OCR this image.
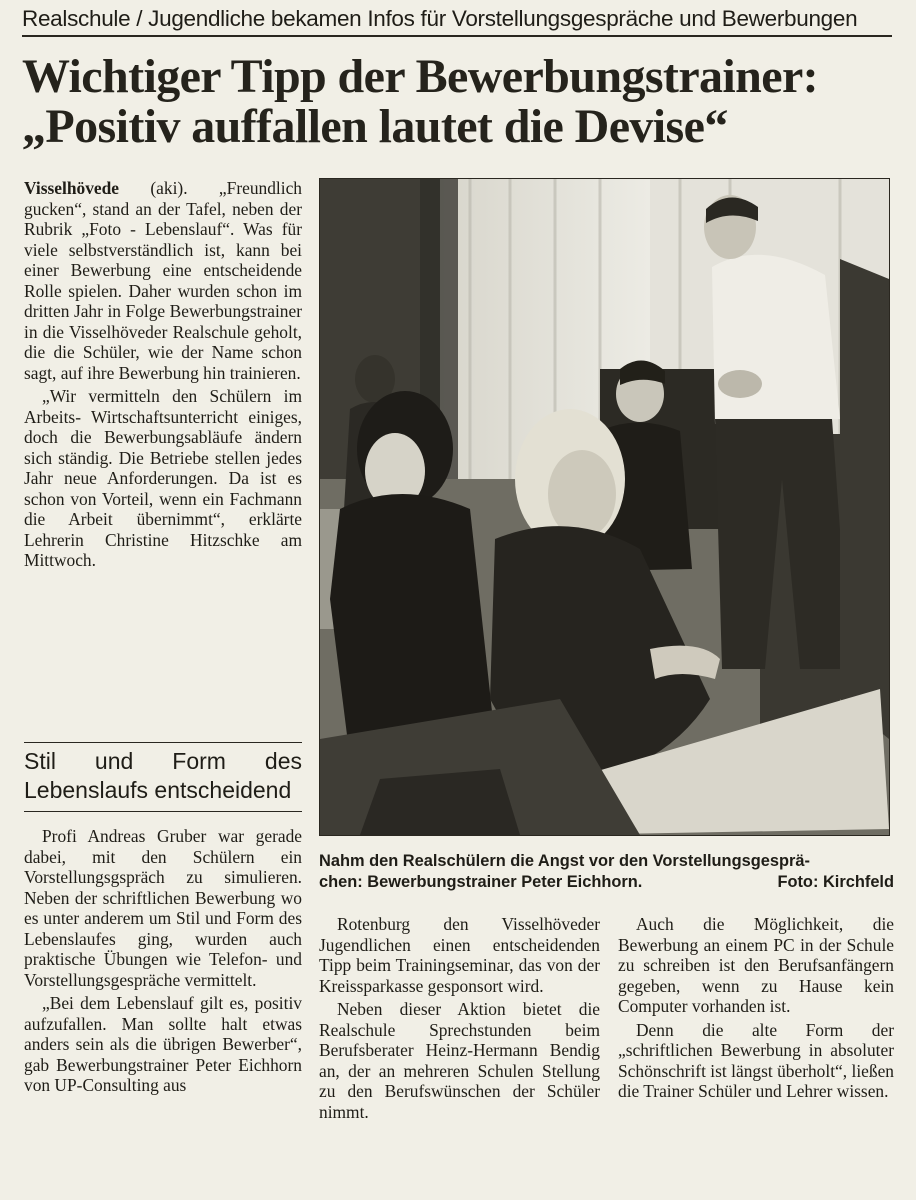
Realschule / Jugendliche bekamen Infos für Vorstellungsgespräche und Bewerbungen
Wichtiger Tipp der Bewerbungstrainer:
„Positiv auffallen lautet die Devise“

Visselhövede (aki). „Freundlich gucken“, stand an der Tafel, neben der Rubrik „Foto - Lebenslauf“. Was für viele selbstverständlich ist, kann bei einer Bewerbung eine entscheidende Rolle spielen. Daher wurden schon im dritten Jahr in Folge Bewerbungstrainer in die Visselhöveder Realschule geholt, die die Schüler, wie der Name schon sagt, auf ihre Bewerbung hin trainieren.

„Wir vermitteln den Schülern im Arbeits- Wirtschaftsunterricht einiges, doch die Bewerbungsabläufe ändern sich ständig. Die Betriebe stellen jedes Jahr neue Anforderungen. Da ist es schon von Vorteil, wenn ein Fachmann die Arbeit übernimmt“, erklärte Lehrerin Christine Hitzschke am Mittwoch.

Stil und Form des
Lebenslaufs entscheidend

Profi Andreas Gruber war gerade dabei, mit den Schülern ein Vorstellungsgspräch zu simulieren. Neben der schriftlichen Bewerbung wo es unter anderem um Stil und Form des Lebenslaufes ging, wurden auch praktische Übungen wie Telefon- und Vorstellungsgespräche vermittelt.

„Bei dem Lebenslauf gilt es, positiv aufzufallen. Man sollte halt etwas anders sein als die übrigen Bewerber“, gab Bewerbungstrainer Peter Eichhorn von UP-Consulting aus

Nahm den Realschülern die Angst vor den Vorstellungsgesprä-
chen: Bewerbungstrainer Peter Eichhorn.	Foto: Kirchfeld

Rotenburg den Visselhöveder Jugendlichen einen entscheidenden Tipp beim Trainingseminar, das von der Kreissparkasse gesponsort wird.

Neben dieser Aktion bietet die Realschule Sprechstunden beim Berufsberater Heinz-Hermann Bendig an, der an mehreren Schulen Stellung zu den Berufswünschen der Schüler nimmt.

Auch die Möglichkeit, die Bewerbung an einem PC in der Schule zu schreiben ist den Berufsanfängern gegeben, wenn zu Hause kein Computer vorhanden ist.

Denn die alte Form der „schriftlichen Bewerbung in absoluter Schönschrift ist längst überholt“, ließen die Trainer Schüler und Lehrer wissen.
